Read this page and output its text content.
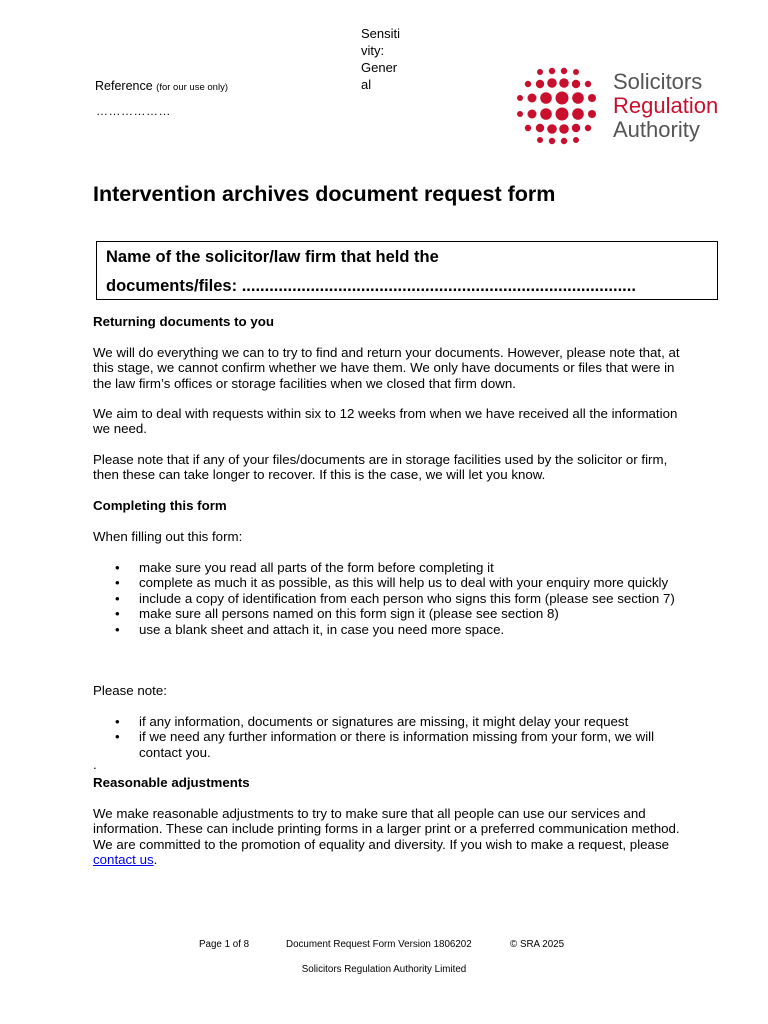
Sensiti
vity:
Gener
al
Reference (for our use only)
………………
Solicitors
Regulation
Authority
Intervention archives document request form
Name of the solicitor/law firm that held the
documents/files: ......................................................................................

Returning documents to you

We will do everything we can to try to find and return your documents. However, please note that, at this stage, we cannot confirm whether we have them. We only have documents or files that were in the law firm’s offices or storage facilities when we closed that firm down.

We aim to deal with requests within six to 12 weeks from when we have received all the information we need.

Please note that if any of your files/documents are in storage facilities used by the solicitor or firm, then these can take longer to recover. If this is the case, we will let you know.

Completing this form

When filling out this form:

• make sure you read all parts of the form before completing it
• complete as much it as possible, as this will help us to deal with your enquiry more quickly
• include a copy of identification from each person who signs this form (please see section 7)
• make sure all persons named on this form sign it (please see section 8)
• use a blank sheet and attach it, in case you need more space.

Please note:

• if any information, documents or signatures are missing, it might delay your request
• if we need any further information or there is information missing from your form, we will contact you.

.

Reasonable adjustments

We make reasonable adjustments to try to make sure that all people can use our services and information. These can include printing forms in a larger print or a preferred communication method. We are committed to the promotion of equality and diversity. If you wish to make a request, please contact us.

Page 1 of 8	Document Request Form Version 1806202	© SRA 2025
Solicitors Regulation Authority Limited
